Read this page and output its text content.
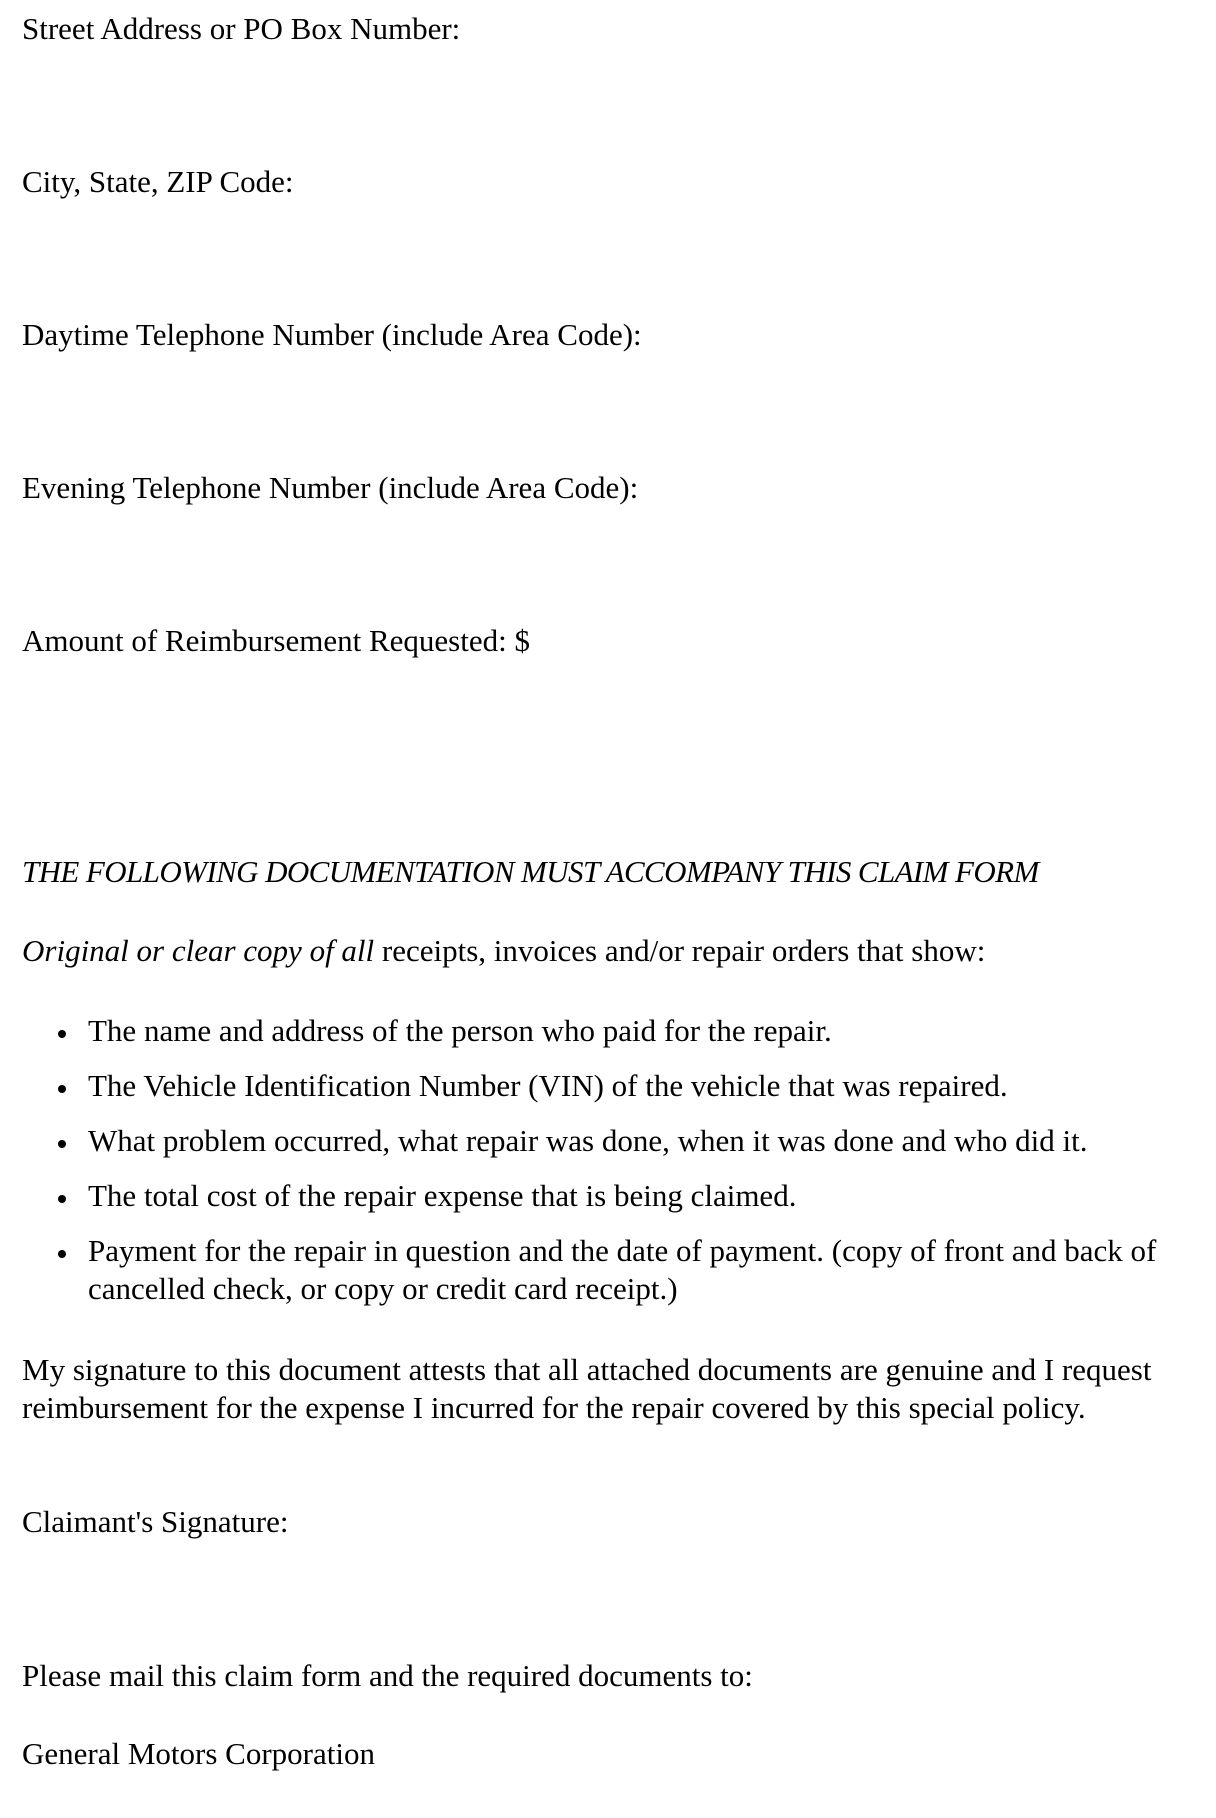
Street Address or PO Box Number:

City, State, ZIP Code:

Daytime Telephone Number (include Area Code):

Evening Telephone Number (include Area Code):

Amount of Reimbursement Requested: $

THE FOLLOWING DOCUMENTATION MUST ACCOMPANY THIS CLAIM FORM

Original or clear copy of all receipts, invoices and/or repair orders that show:

The name and address of the person who paid for the repair.

The Vehicle Identification Number (VIN) of the vehicle that was repaired.

What problem occurred, what repair was done, when it was done and who did it.

The total cost of the repair expense that is being claimed.

Payment for the repair in question and the date of payment. (copy of front and back of cancelled check, or copy or credit card receipt.)

My signature to this document attests that all attached documents are genuine and I request reimbursement for the expense I incurred for the repair covered by this special policy.

Claimant's Signature:

Please mail this claim form and the required documents to:

General Motors Corporation
